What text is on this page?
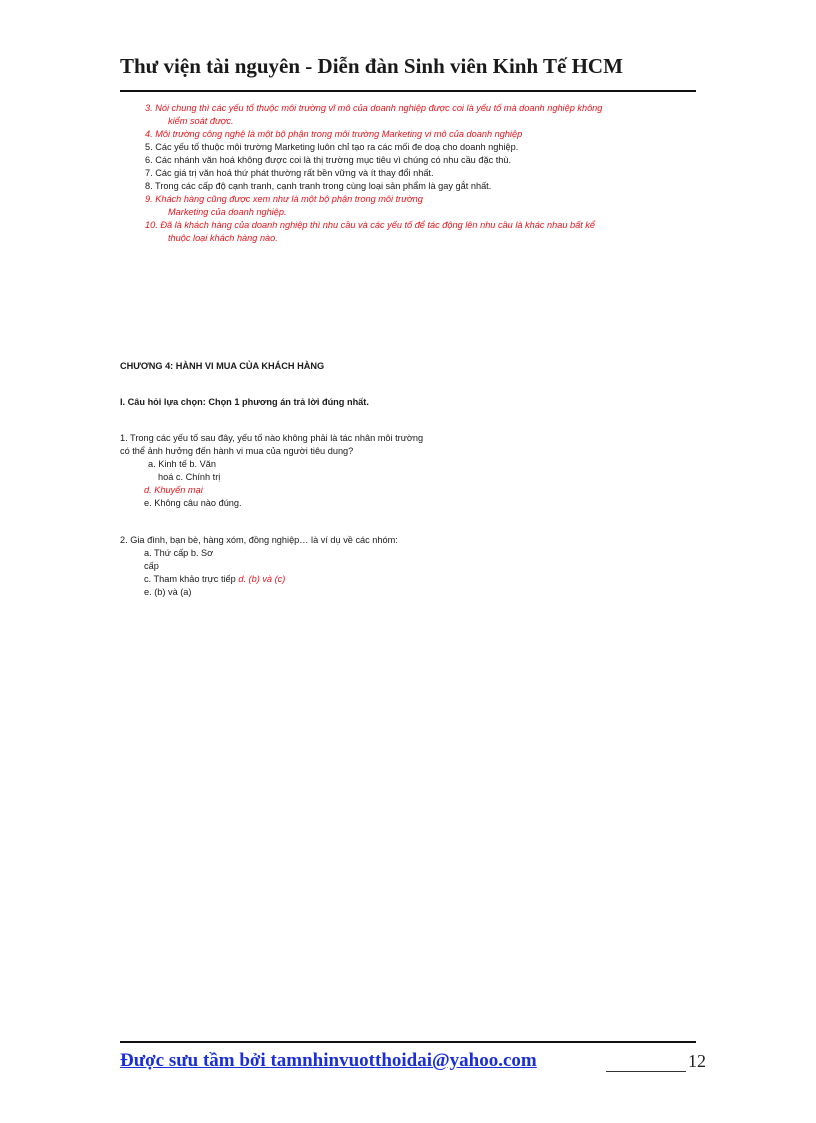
Thư viện tài nguyên - Diễn đàn Sinh viên Kinh Tế HCM
3. Nói chung thì các yếu tố thuộc môi trường vĩ mô của doanh nghiệp được coi là yếu tố mà doanh nghiệp không
kiểm soát được.
4. Môi trường công nghệ là một bộ phận trong môi trường Marketing vi mô của doanh nghiệp
5. Các yếu tố thuộc môi trường Marketing luôn chỉ tạo ra các mối đe doạ cho doanh nghiệp.
6. Các nhánh văn hoá không được coi là thị trường mục tiêu vì chúng có nhu cầu đặc thù.
7. Các giá trị văn hoá thứ phát thường rất bền vững và ít thay đổi nhất.
8. Trong các cấp độ cạnh tranh, cạnh tranh trong cùng loại sản phẩm là gay gắt nhất.
9. Khách hàng cũng được xem như là một bộ phận trong môi trường
Marketing của doanh nghiệp.
10. Đã là khách hàng của doanh nghiệp thì nhu cầu và các yếu tố để tác động lên nhu cầu là khác nhau bất kể
thuộc loại khách hàng nào.
CHƯƠNG 4: HÀNH VI MUA CỦA KHÁCH HÀNG
I. Câu hỏi lựa chọn: Chọn 1 phương án trả lời đúng nhất.
1. Trong các yếu tố sau đây, yếu tố nào không phải là tác nhân môi trường
có thể ảnh hưởng đến hành vi mua của người tiêu dung?
a. Kinh tế b. Văn
hoá c. Chính trị
d. Khuyến mại
e. Không câu nào đúng.
2. Gia đình, bạn bè, hàng xóm, đồng nghiệp… là ví dụ về các nhóm:
a. Thứ cấp b. Sơ
cấp
c. Tham khảo trực tiếp d. (b) và (c)
e. (b) và (a)
Được sưu tầm bởi tamnhinvuotthoidai@yahoo.com	12
